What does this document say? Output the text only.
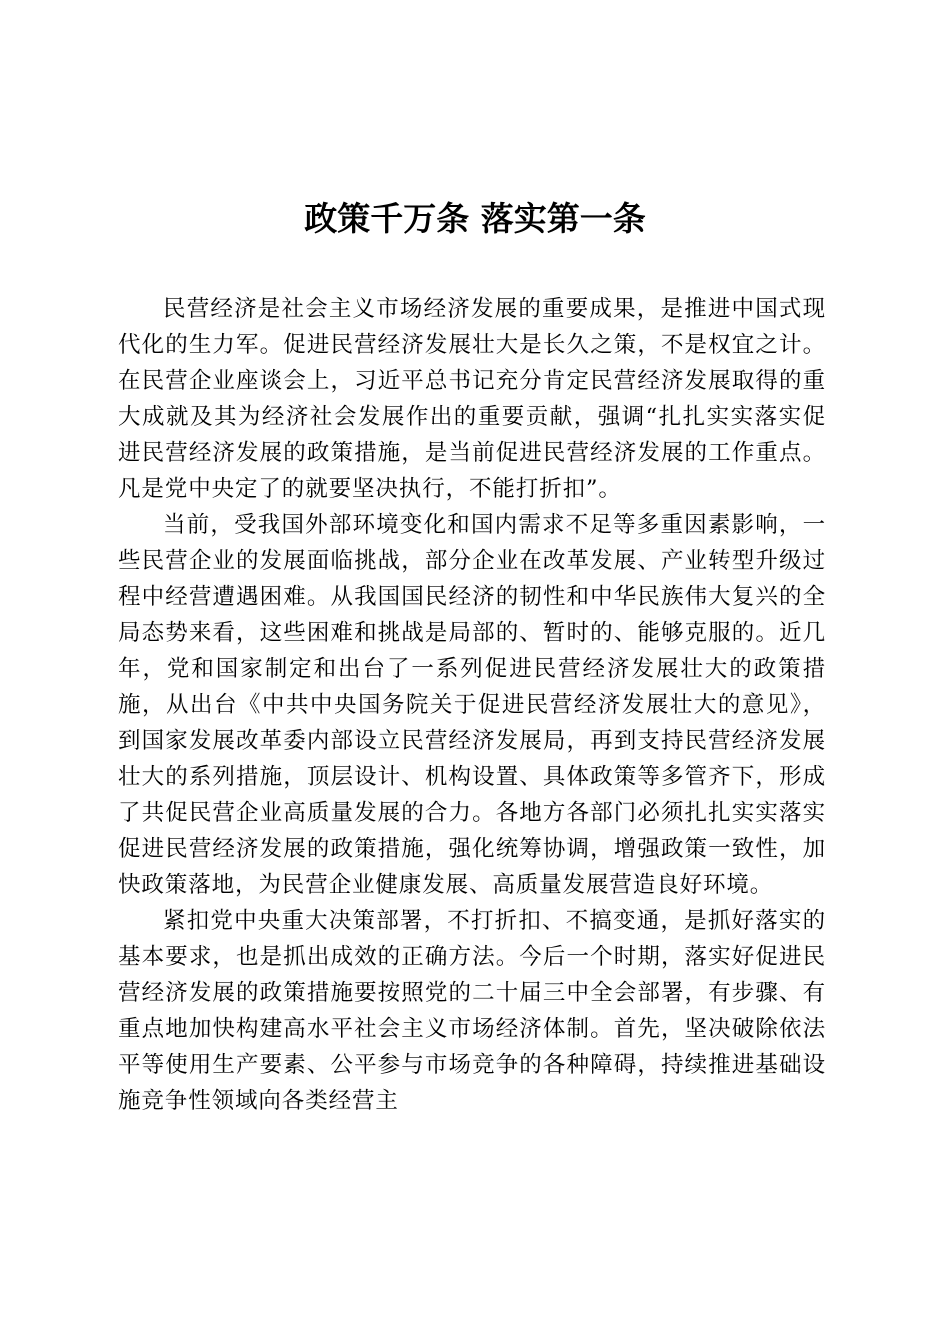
政策千万条 落实第一条

民营经济是社会主义市场经济发展的重要成果，是推进中国式现代化的生力军。促进民营经济发展壮大是长久之策，不是权宜之计。在民营企业座谈会上，习近平总书记充分肯定民营经济发展取得的重大成就及其为经济社会发展作出的重要贡献，强调“扎扎实实落实促进民营经济发展的政策措施，是当前促进民营经济发展的工作重点。凡是党中央定了的就要坚决执行，不能打折扣”。

当前，受我国外部环境变化和国内需求不足等多重因素影响，一些民营企业的发展面临挑战，部分企业在改革发展、产业转型升级过程中经营遭遇困难。从我国国民经济的韧性和中华民族伟大复兴的全局态势来看，这些困难和挑战是局部的、暂时的、能够克服的。近几年，党和国家制定和出台了一系列促进民营经济发展壮大的政策措施，从出台《中共中央国务院关于促进民营经济发展壮大的意见》，到国家发展改革委内部设立民营经济发展局，再到支持民营经济发展壮大的系列措施，顶层设计、机构设置、具体政策等多管齐下，形成了共促民营企业高质量发展的合力。各地方各部门必须扎扎实实落实促进民营经济发展的政策措施，强化统筹协调，增强政策一致性，加快政策落地，为民营企业健康发展、高质量发展营造良好环境。

紧扣党中央重大决策部署，不打折扣、不搞变通，是抓好落实的基本要求，也是抓出成效的正确方法。今后一个时期，落实好促进民营经济发展的政策措施要按照党的二十届三中全会部署，有步骤、有重点地加快构建高水平社会主义市场经济体制。首先，坚决破除依法平等使用生产要素、公平参与市场竞争的各种障碍，持续推进基础设施竞争性领域向各类经营主
